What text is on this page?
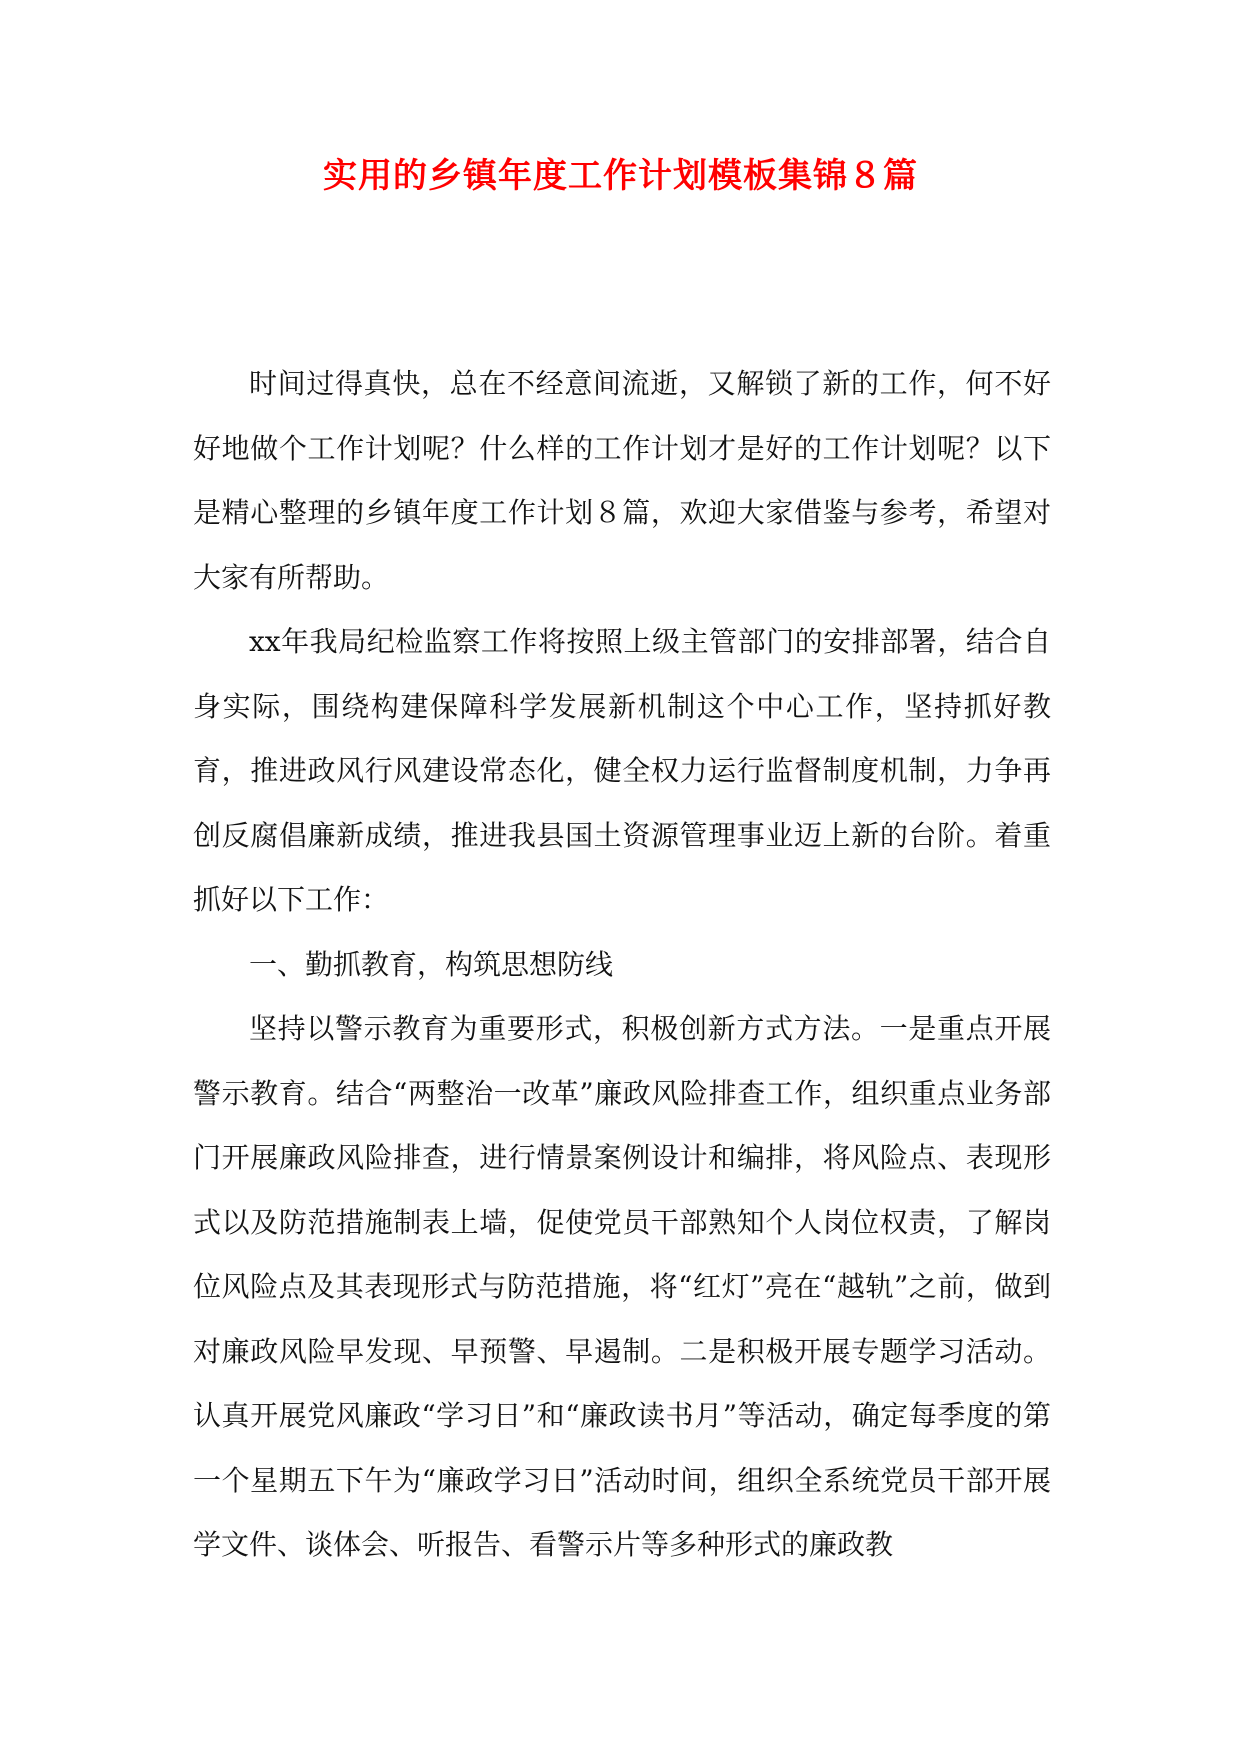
实用的乡镇年度工作计划模板集锦８篇

时间过得真快，总在不经意间流逝，又解锁了新的工作，何不好好地做个工作计划呢？什么样的工作计划才是好的工作计划呢？以下是精心整理的乡镇年度工作计划８篇，欢迎大家借鉴与参考，希望对大家有所帮助。

xx年我局纪检监察工作将按照上级主管部门的安排部署，结合自身实际，围绕构建保障科学发展新机制这个中心工作，坚持抓好教育，推进政风行风建设常态化，健全权力运行监督制度机制，力争再创反腐倡廉新成绩，推进我县国土资源管理事业迈上新的台阶。着重抓好以下工作：

一、勤抓教育，构筑思想防线

坚持以警示教育为重要形式，积极创新方式方法。一是重点开展警示教育。结合“两整治一改革”廉政风险排查工作，组织重点业务部门开展廉政风险排查，进行情景案例设计和编排，将风险点、表现形式以及防范措施制表上墙，促使党员干部熟知个人岗位权责，了解岗位风险点及其表现形式与防范措施，将“红灯”亮在“越轨”之前，做到对廉政风险早发现、早预警、早遏制。二是积极开展专题学习活动。认真开展党风廉政“学习日”和“廉政读书月”等活动，确定每季度的第一个星期五下午为“廉政学习日”活动时间，组织全系统党员干部开展学文件、谈体会、听报告、看警示片等多种形式的廉政教
